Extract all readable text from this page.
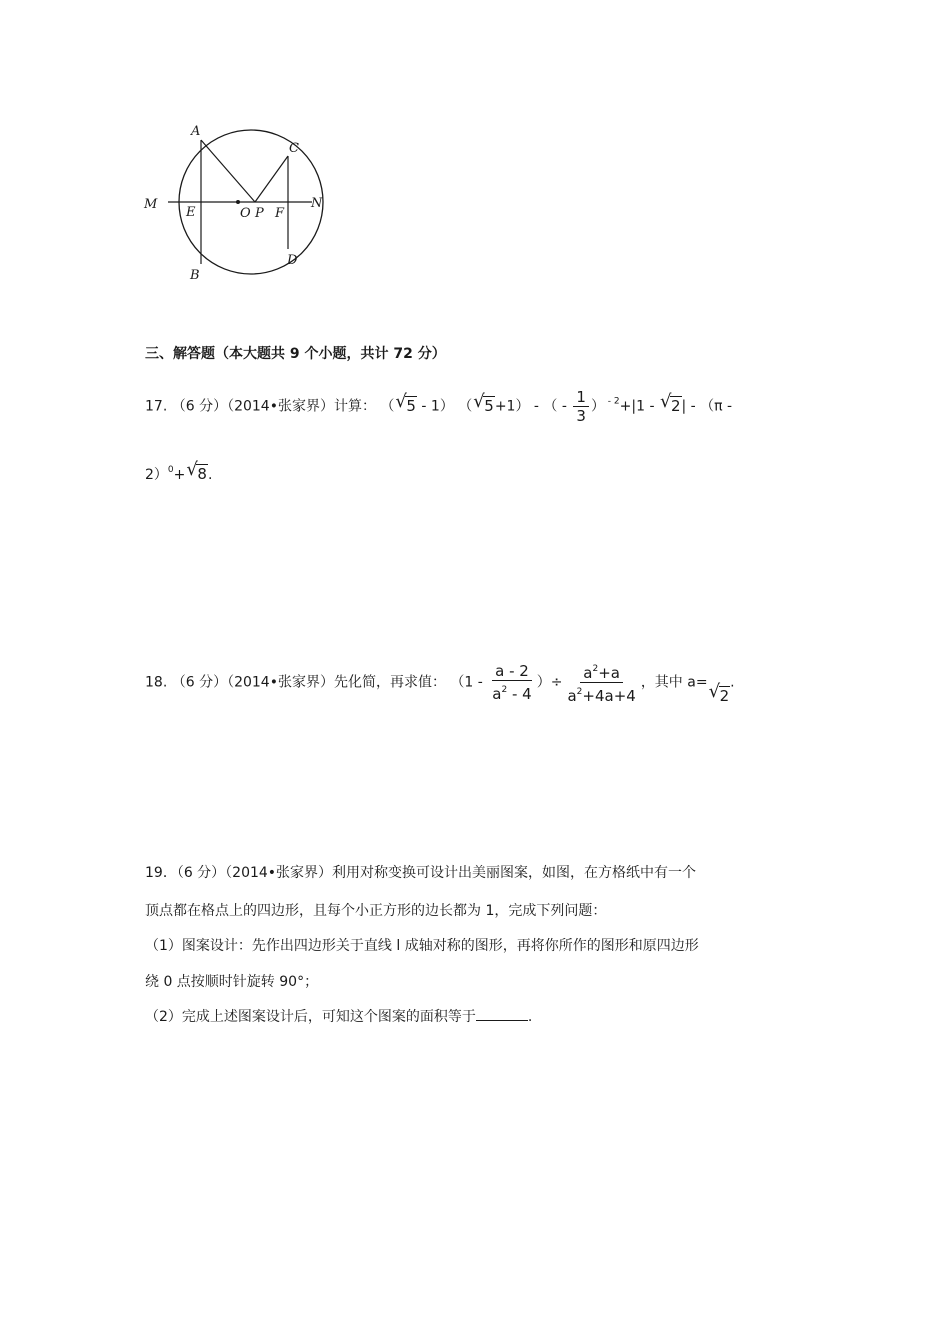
A
B
C
D
M	N
E	O P F
三、解答题（本大题共 9 个小题，共计 72 分）
17. （6 分）（2014•张家界）计算： （ √ 5 - 1） （ √ 5+1） - （ - $\frac{1}{3}$ ） $^{- 2}$+|1 - √ 2| - （π -
2）$^0$+ √ 8.
18. （6 分）（2014•张家界）先化简，再求值： （$1 - \frac{a - 2}{a^2 - 4}$ ）÷ $\frac{a^2+a}{a^2+4a+4}$ ，其中 a= √ 2.
19．（6 分）（2014•张家界）利用对称变换可设计出美丽图案，如图，在方格纸中有一个
顶点都在格点上的四边形，且每个小正方形的边长都为 1，完成下列问题：
（1）图案设计：先作出四边形关于直线 l 成轴对称的图形，再将你所作的图形和原四边形
绕 0 点按顺时针旋转 90°；
（2）完成上述图案设计后，可知这个图案的面积等于	.
